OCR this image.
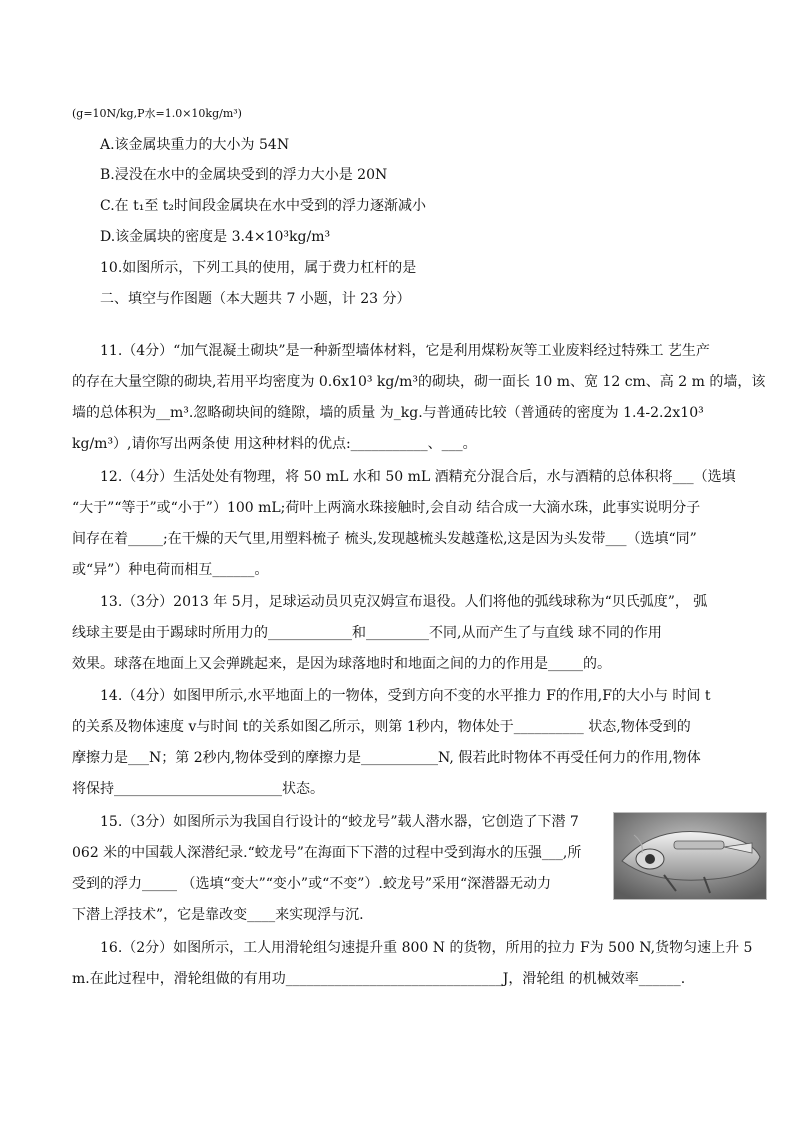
(g=10N/kg,P水=1.0×10kg/m³)
A.该金属块重力的大小为 54N
B.浸没在水中的金属块受到的浮力大小是 20N
C.在 t₁至 t₂时间段金属块在水中受到的浮力逐渐减小
D.该金属块的密度是 3.4×10³kg/m³
10.如图所示，下列工具的使用，属于费力杠杆的是
二、填空与作图题（本大题共 7 小题，计 23 分）
11.（4分）“加气混凝土砌块”是一种新型墙体材料，它是利用煤粉灰等工业废料经过特殊工 艺生产
的存在大量空隙的砌块,若用平均密度为 0.6x10³ kg/m³的砌块，砌一面长 10 m、宽 12 cm、高 2 m 的墙，该
墙的总体积为__m³.忽略砌块间的缝隙，墙的质量 为_kg.与普通砖比较（普通砖的密度为 1.4-2.2x10³
kg/m³）,请你写出两条使 用这种材料的优点:___________、___。
12.（4分）生活处处有物理，将 50 mL 水和 50 mL 酒精充分混合后，水与酒精的总体积将___（选填
“大于”“等于”或“小于”）100 mL;荷叶上两滴水珠接触时,会自动 结合成一大滴水珠，此事实说明分子
间存在着_____;在干燥的天气里,用塑料梳子 梳头,发现越梳头发越蓬松,这是因为头发带___（选填“同”
或“异”）种电荷而相互______。
13.（3分）2013 年 5月，足球运动员贝克汉姆宣布退役。人们将他的弧线球称为“贝氏弧度”， 弧
线球主要是由于踢球时所用力的____________和_________不同,从而产生了与直线 球不同的作用
效果。球落在地面上又会弹跳起来，是因为球落地时和地面之间的力的作用是_____的。
14.（4分）如图甲所示,水平地面上的一物体，受到方向不变的水平推力 F的作用,F的大小与 时间 t
的关系及物体速度 v与时间 t的关系如图乙所示，则第 1秒内，物体处于__________ 状态,物体受到的
摩擦力是___N；第 2秒内,物体受到的摩擦力是___________N, 假若此时物体不再受任何力的作用,物体
将保持________________________状态。
15.（3分）如图所示为我国自行设计的“蛟龙号”载人潜水器，它创造了下潜 7
062 米的中国载人深潜纪录.“蛟龙号”在海面下下潜的过程中受到海水的压强___,所
受到的浮力_____ （选填“变大”“变小”或“不变”）.蛟龙号”采用“深潜器无动力
下潜上浮技术”，它是靠改变____来实现浮与沉.
16.（2分）如图所示，工人用滑轮组匀速提升重 800 N 的货物，所用的拉力 F为 500 N,货物匀速上升 5
m.在此过程中，滑轮组做的有用功_______________________________J，滑轮组 的机械效率______.
